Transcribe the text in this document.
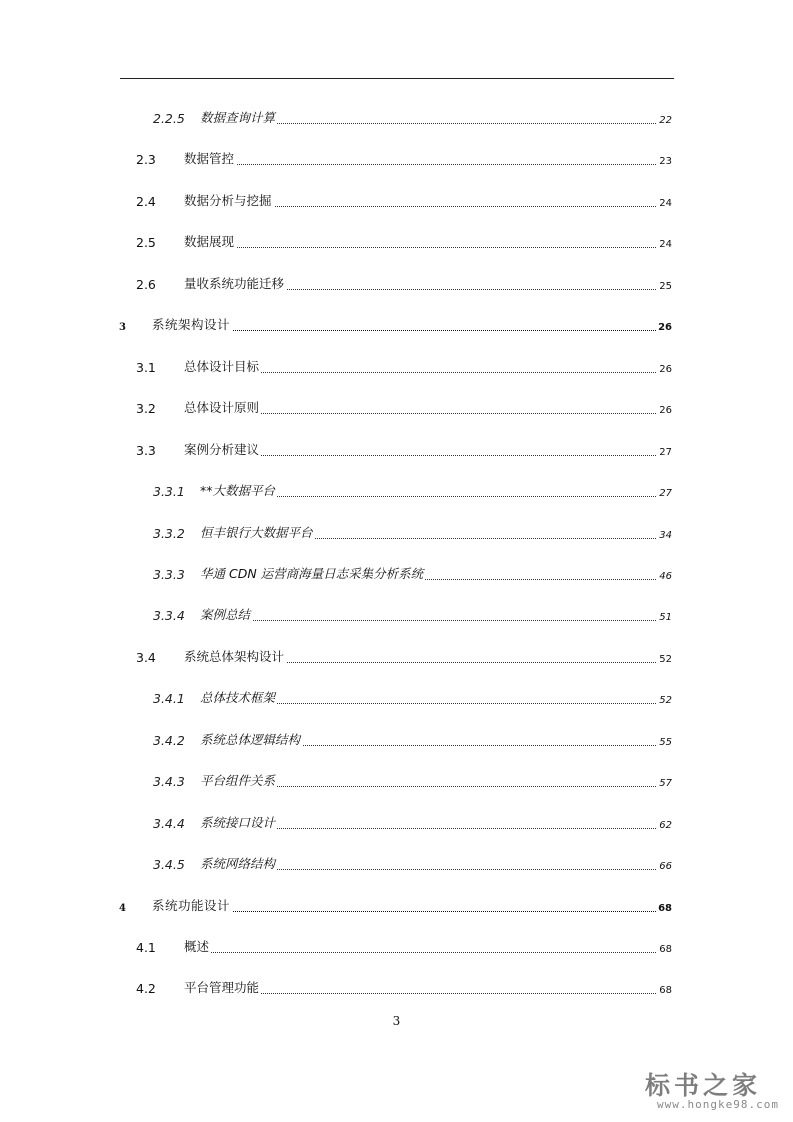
2.2.5 数据查询计算	22
2.3 数据管控	23
2.4 数据分析与挖掘	24
2.5 数据展现	24
2.6 量收系统功能迁移	25
3 系统架构设计	26
3.1 总体设计目标	26
3.2 总体设计原则	26
3.3 案例分析建议	27
3.3.1 **大数据平台	27
3.3.2 恒丰银行大数据平台	34
3.3.3 华通 CDN 运营商海量日志采集分析系统	46
3.3.4 案例总结	51
3.4 系统总体架构设计	52
3.4.1 总体技术框架	52
3.4.2 系统总体逻辑结构	55
3.4.3 平台组件关系	57
3.4.4 系统接口设计	62
3.4.5 系统网络结构	66
4 系统功能设计	68
4.1 概述	68
4.2 平台管理功能	68
3
标书之家
www.hongke98.com
